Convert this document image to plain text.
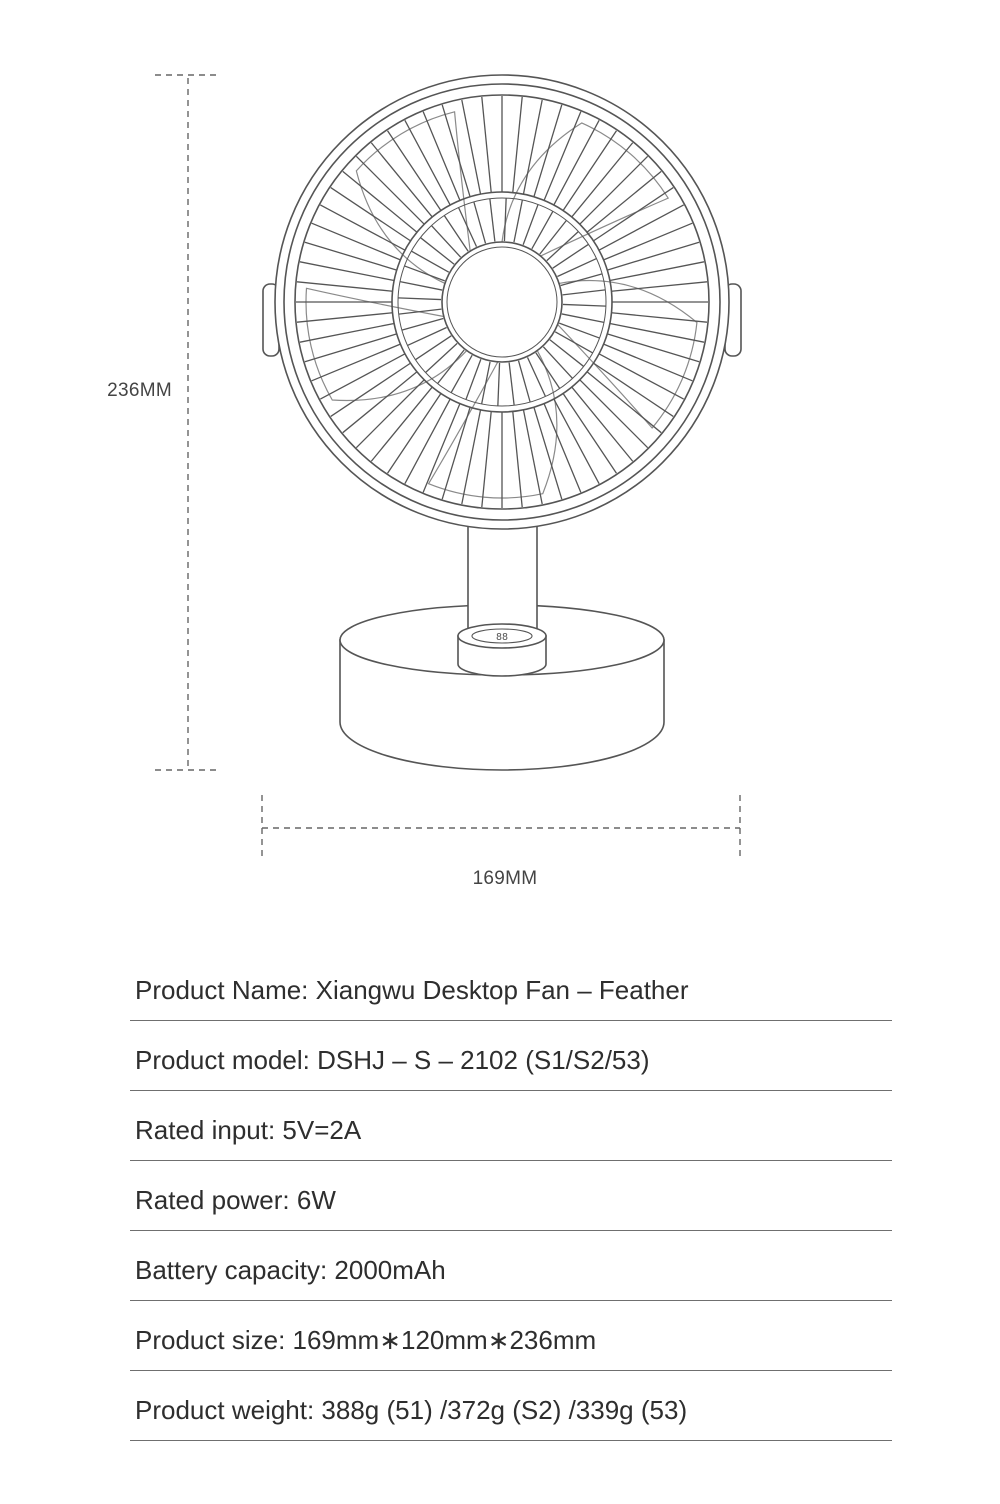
88
236MM
169MM
Product Name: Xiangwu Desktop Fan – Feather
Product model: DSHJ – S – 2102 (S1/S2/53)
Rated input: 5V=2A
Rated power: 6W
Battery capacity: 2000mAh
Product size: 169mm∗120mm∗236mm
Product weight: 388g (51) /372g (S2) /339g (53)
